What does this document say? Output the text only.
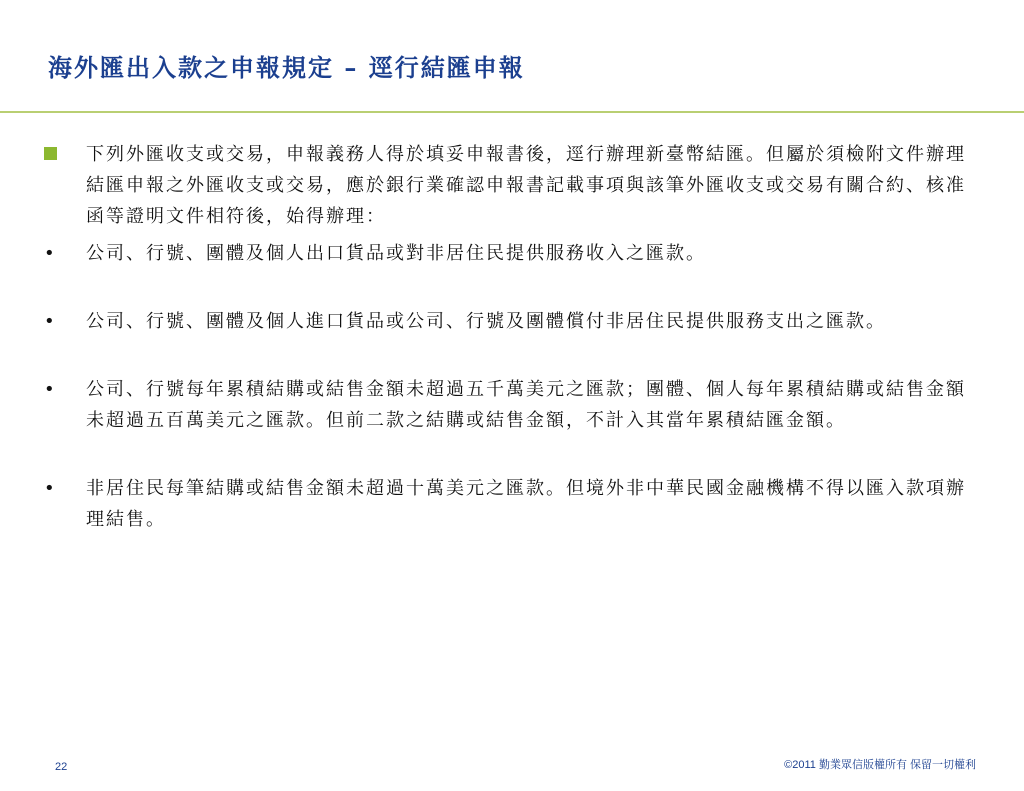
海外匯出入款之申報規定 – 逕行結匯申報
下列外匯收支或交易，申報義務人得於填妥申報書後，逕行辦理新臺幣結匯。但屬於須檢附文件辦理結匯申報之外匯收支或交易，應於銀行業確認申報書記載事項與該筆外匯收支或交易有關合約、核准函等證明文件相符後，始得辦理：
• 公司、行號、團體及個人出口貨品或對非居住民提供服務收入之匯款。
• 公司、行號、團體及個人進口貨品或公司、行號及團體償付非居住民提供服務支出之匯款。
• 公司、行號每年累積結購或結售金額未超過五千萬美元之匯款；團體、個人每年累積結購或結售金額未超過五百萬美元之匯款。但前二款之結購或結售金額，不計入其當年累積結匯金額。
• 非居住民每筆結購或結售金額未超過十萬美元之匯款。但境外非中華民國金融機構不得以匯入款項辦理結售。
22	©2011 勤業眾信版權所有 保留一切權利
